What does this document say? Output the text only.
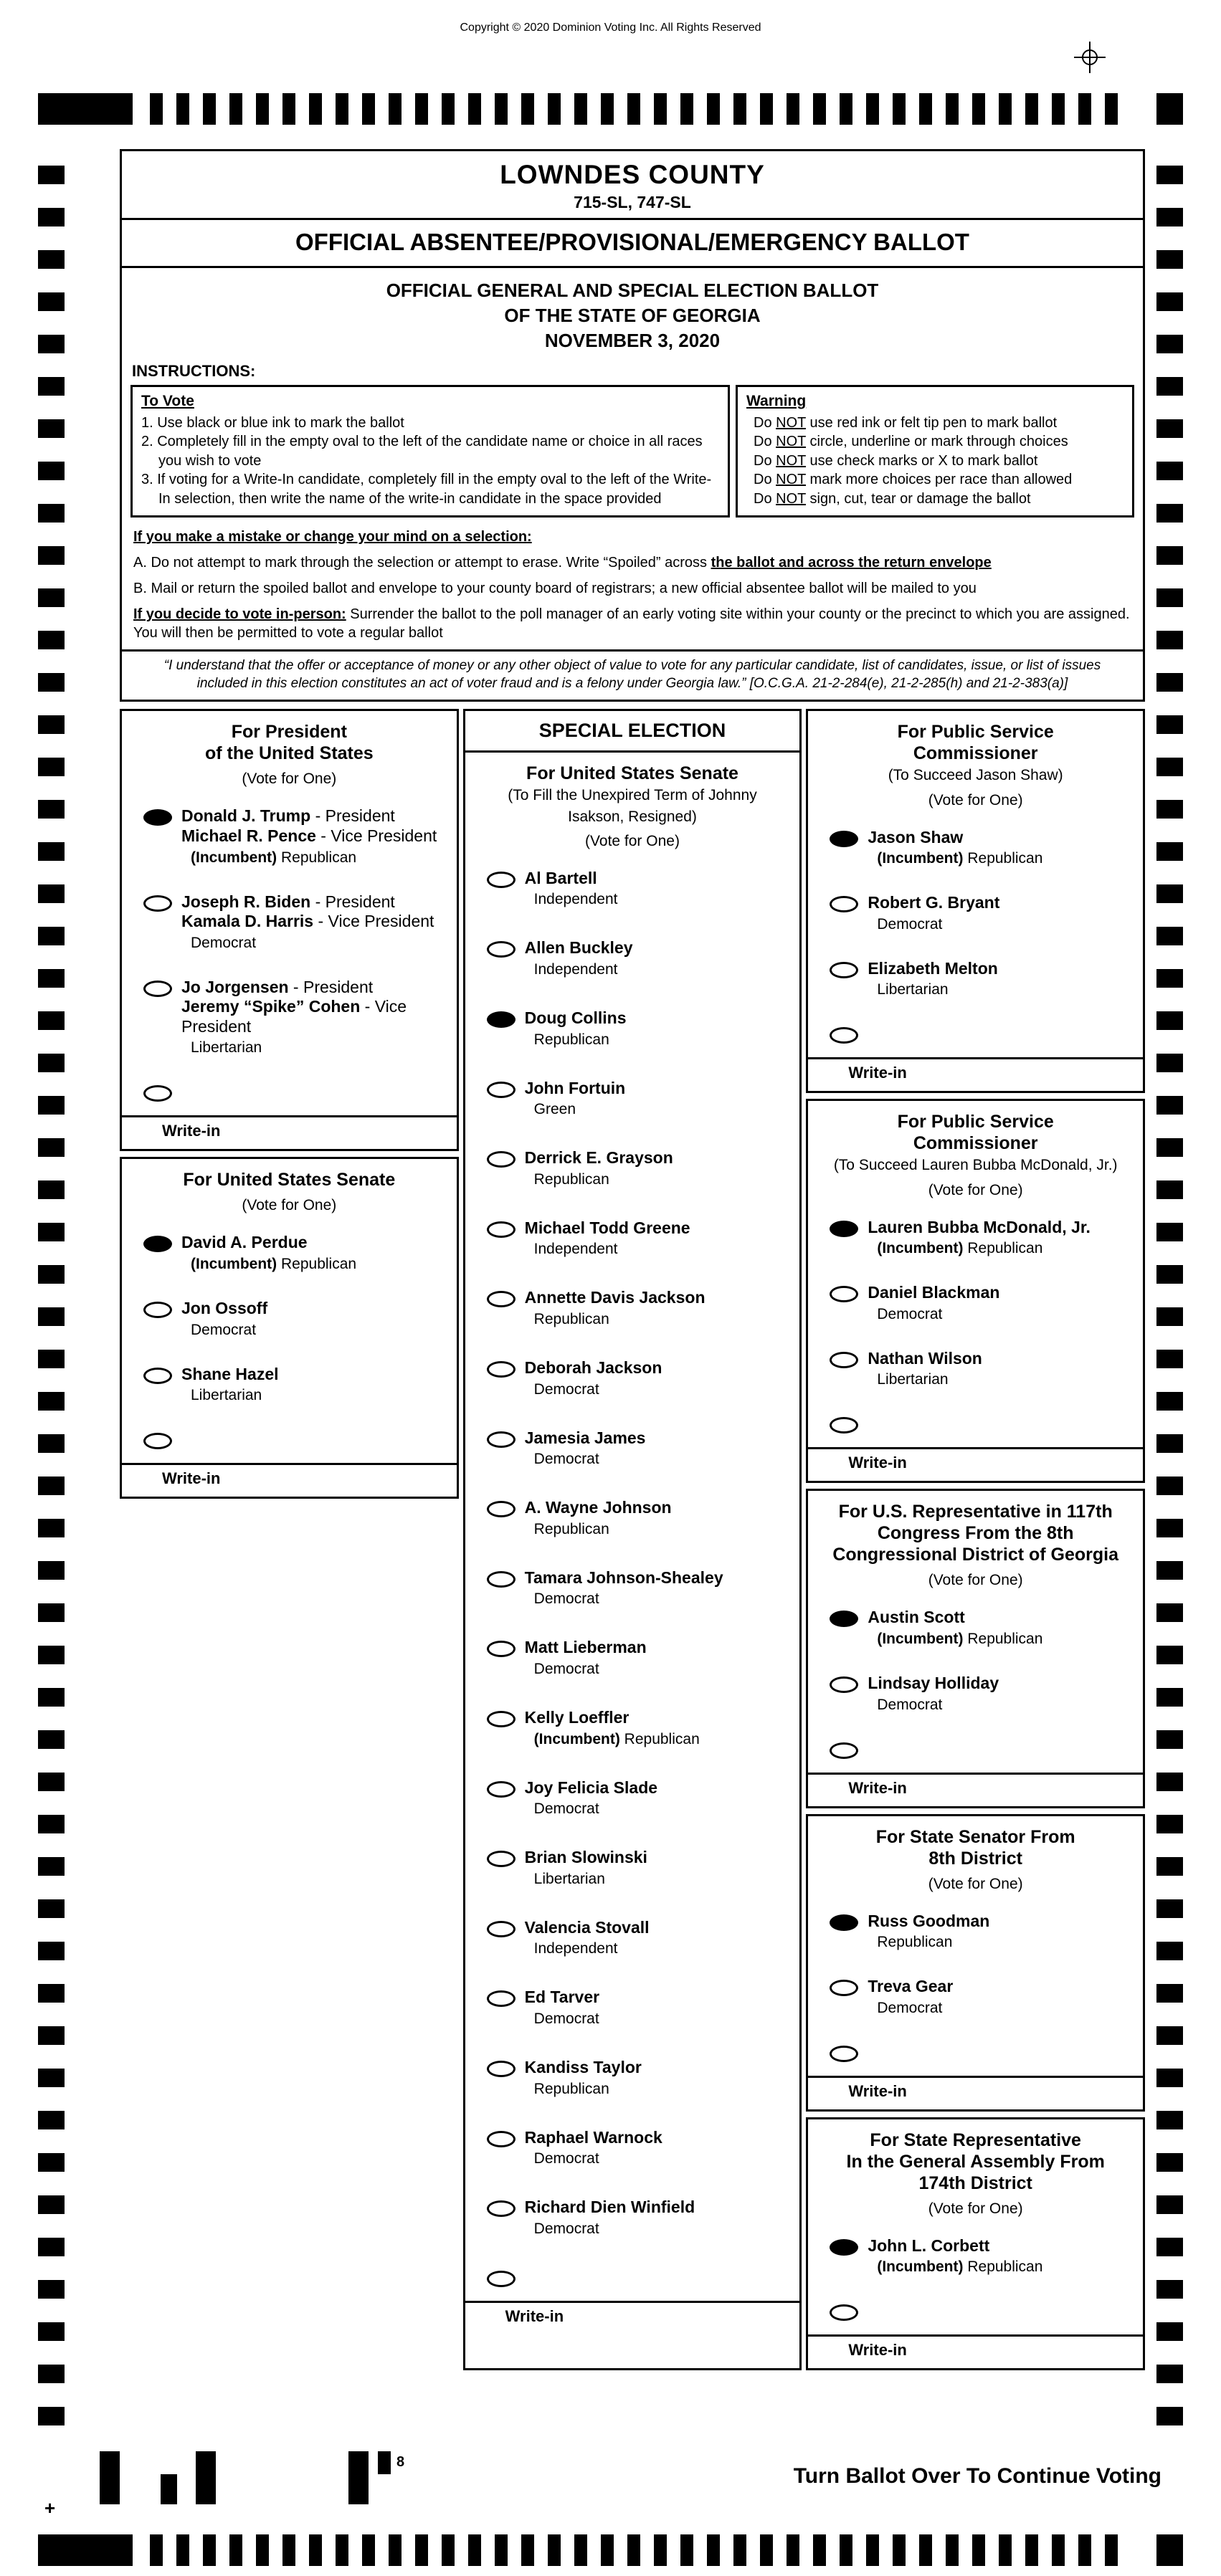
Copyright © 2020 Dominion Voting Inc. All Rights Reserved
LOWNDES COUNTY
715-SL, 747-SL
OFFICIAL ABSENTEE/PROVISIONAL/EMERGENCY BALLOT
OFFICIAL GENERAL AND SPECIAL ELECTION BALLOT
OF THE STATE OF GEORGIA
NOVEMBER 3, 2020
INSTRUCTIONS:
To Vote
1. Use black or blue ink to mark the ballot
2. Completely fill in the empty oval to the left of the candidate name or choice in all races you wish to vote
3. If voting for a Write-In candidate, completely fill in the empty oval to the left of the Write-In selection, then write the name of the write-in candidate in the space provided
Warning
Do NOT use red ink or felt tip pen to mark ballot
Do NOT circle, underline or mark through choices
Do NOT use check marks or X to mark ballot
Do NOT mark more choices per race than allowed
Do NOT sign, cut, tear or damage the ballot
If you make a mistake or change your mind on a selection:
A. Do not attempt to mark through the selection or attempt to erase. Write “Spoiled” across the ballot and across the return envelope
B. Mail or return the spoiled ballot and envelope to your county board of registrars; a new official absentee ballot will be mailed to you
If you decide to vote in-person: Surrender the ballot to the poll manager of an early voting site within your county or the precinct to which you are assigned. You will then be permitted to vote a regular ballot
“I understand that the offer or acceptance of money or any other object of value to vote for any particular candidate, list of candidates, issue, or list of issues included in this election constitutes an act of voter fraud and is a felony under Georgia law.” [O.C.G.A. 21-2-284(e), 21-2-285(h) and 21-2-383(a)]
For President
of the United States
(Vote for One)
Donald J. Trump - President
Michael R. Pence - Vice President
(Incumbent) Republican
Joseph R. Biden - President
Kamala D. Harris - Vice President
Democrat
Jo Jorgensen - President
Jeremy “Spike” Cohen - Vice President
Libertarian
Write-in
For United States Senate
(Vote for One)
David A. Perdue
(Incumbent) Republican
Jon Ossoff
Democrat
Shane Hazel
Libertarian
Write-in
SPECIAL ELECTION
For United States Senate
(To Fill the Unexpired Term of Johnny
Isakson, Resigned)
(Vote for One)
Al Bartell
Independent
Allen Buckley
Independent
Doug Collins
Republican
John Fortuin
Green
Derrick E. Grayson
Republican
Michael Todd Greene
Independent
Annette Davis Jackson
Republican
Deborah Jackson
Democrat
Jamesia James
Democrat
A. Wayne Johnson
Republican
Tamara Johnson-Shealey
Democrat
Matt Lieberman
Democrat
Kelly Loeffler
(Incumbent) Republican
Joy Felicia Slade
Democrat
Brian Slowinski
Libertarian
Valencia Stovall
Independent
Ed Tarver
Democrat
Kandiss Taylor
Republican
Raphael Warnock
Democrat
Richard Dien Winfield
Democrat
Write-in
For Public Service
Commissioner
(To Succeed Jason Shaw)
(Vote for One)
Jason Shaw
(Incumbent) Republican
Robert G. Bryant
Democrat
Elizabeth Melton
Libertarian
Write-in
For Public Service
Commissioner
(To Succeed Lauren Bubba McDonald, Jr.)
(Vote for One)
Lauren Bubba McDonald, Jr.
(Incumbent) Republican
Daniel Blackman
Democrat
Nathan Wilson
Libertarian
Write-in
For U.S. Representative in 117th
Congress From the 8th
Congressional District of Georgia
(Vote for One)
Austin Scott
(Incumbent) Republican
Lindsay Holliday
Democrat
Write-in
For State Senator From
8th District
(Vote for One)
Russ Goodman
Republican
Treva Gear
Democrat
Write-in
For State Representative
In the General Assembly From
174th District
(Vote for One)
John L. Corbett
(Incumbent) Republican
Write-in
8
+
Turn Ballot Over To Continue Voting
